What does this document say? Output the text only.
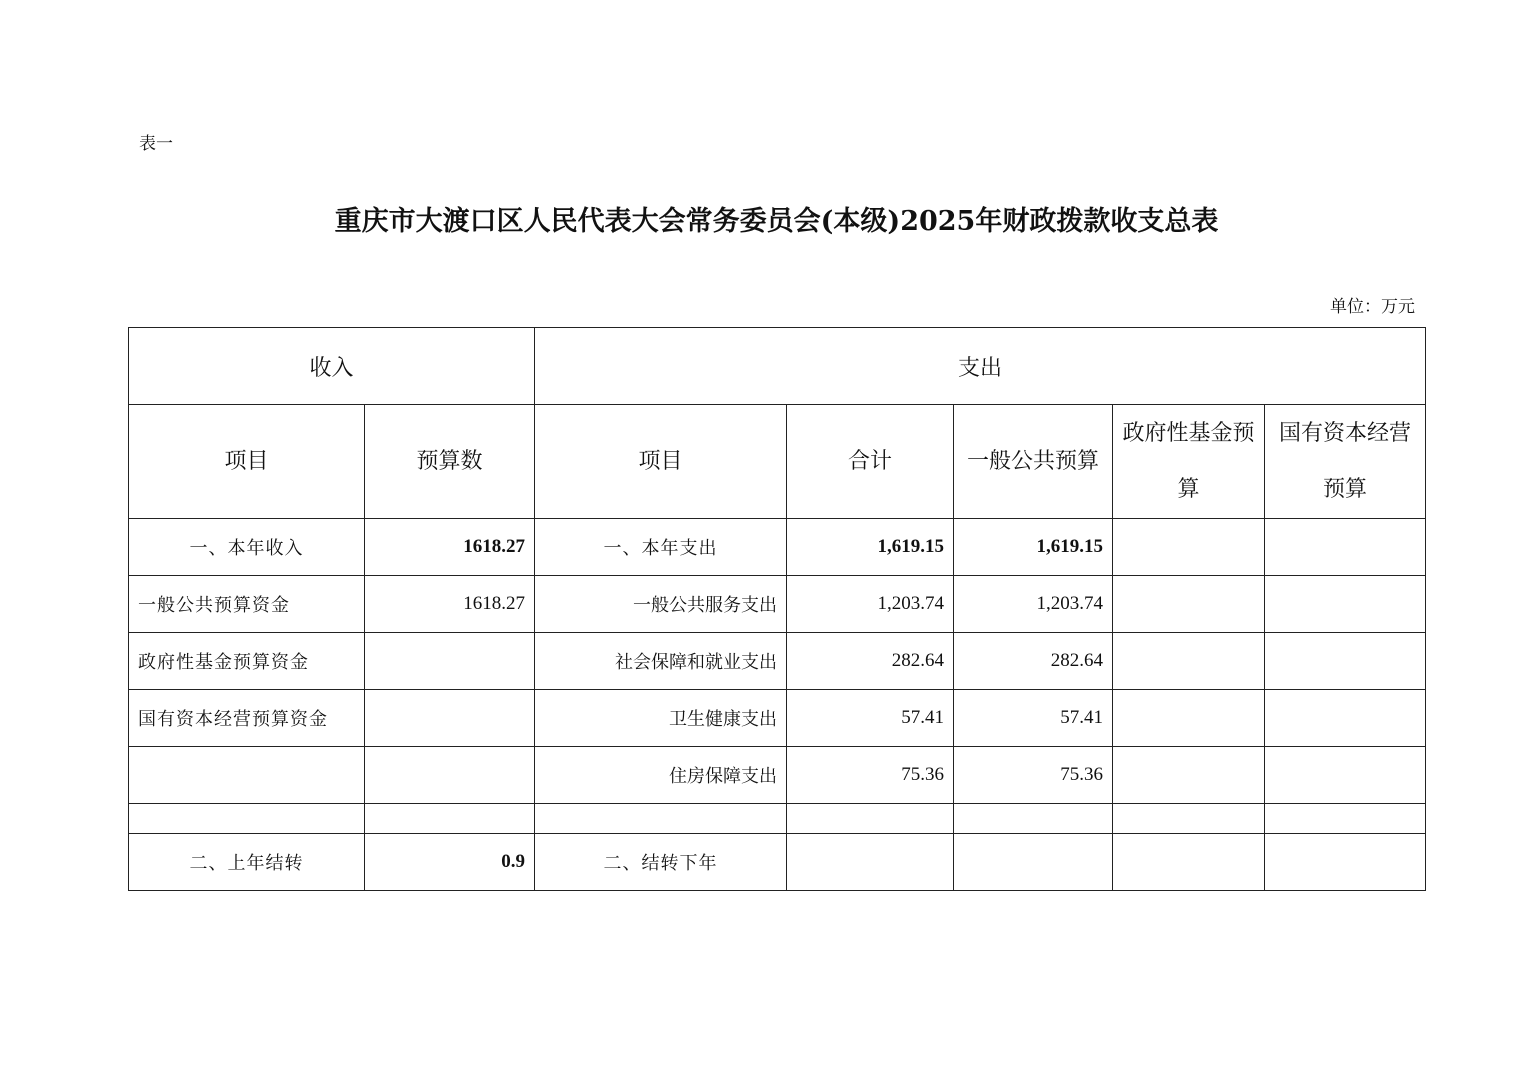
表一
重庆市大渡口区人民代表大会常务委员会(本级)2025年财政拨款收支总表
单位：万元
收入		支出				
项目	预算数	项目	合计	一般公共预算	政府性基金预算	国有资本经营预算
一、本年收入	1618.27	一、本年支出	1,619.15	1,619.15		
一般公共预算资金	1618.27	一般公共服务支出	1,203.74	1,203.74		
政府性基金预算资金		社会保障和就业支出	282.64	282.64		
国有资本经营预算资金		卫生健康支出	57.41	57.41		
		住房保障支出	75.36	75.36		

二、上年结转	0.9	二、结转下年				
